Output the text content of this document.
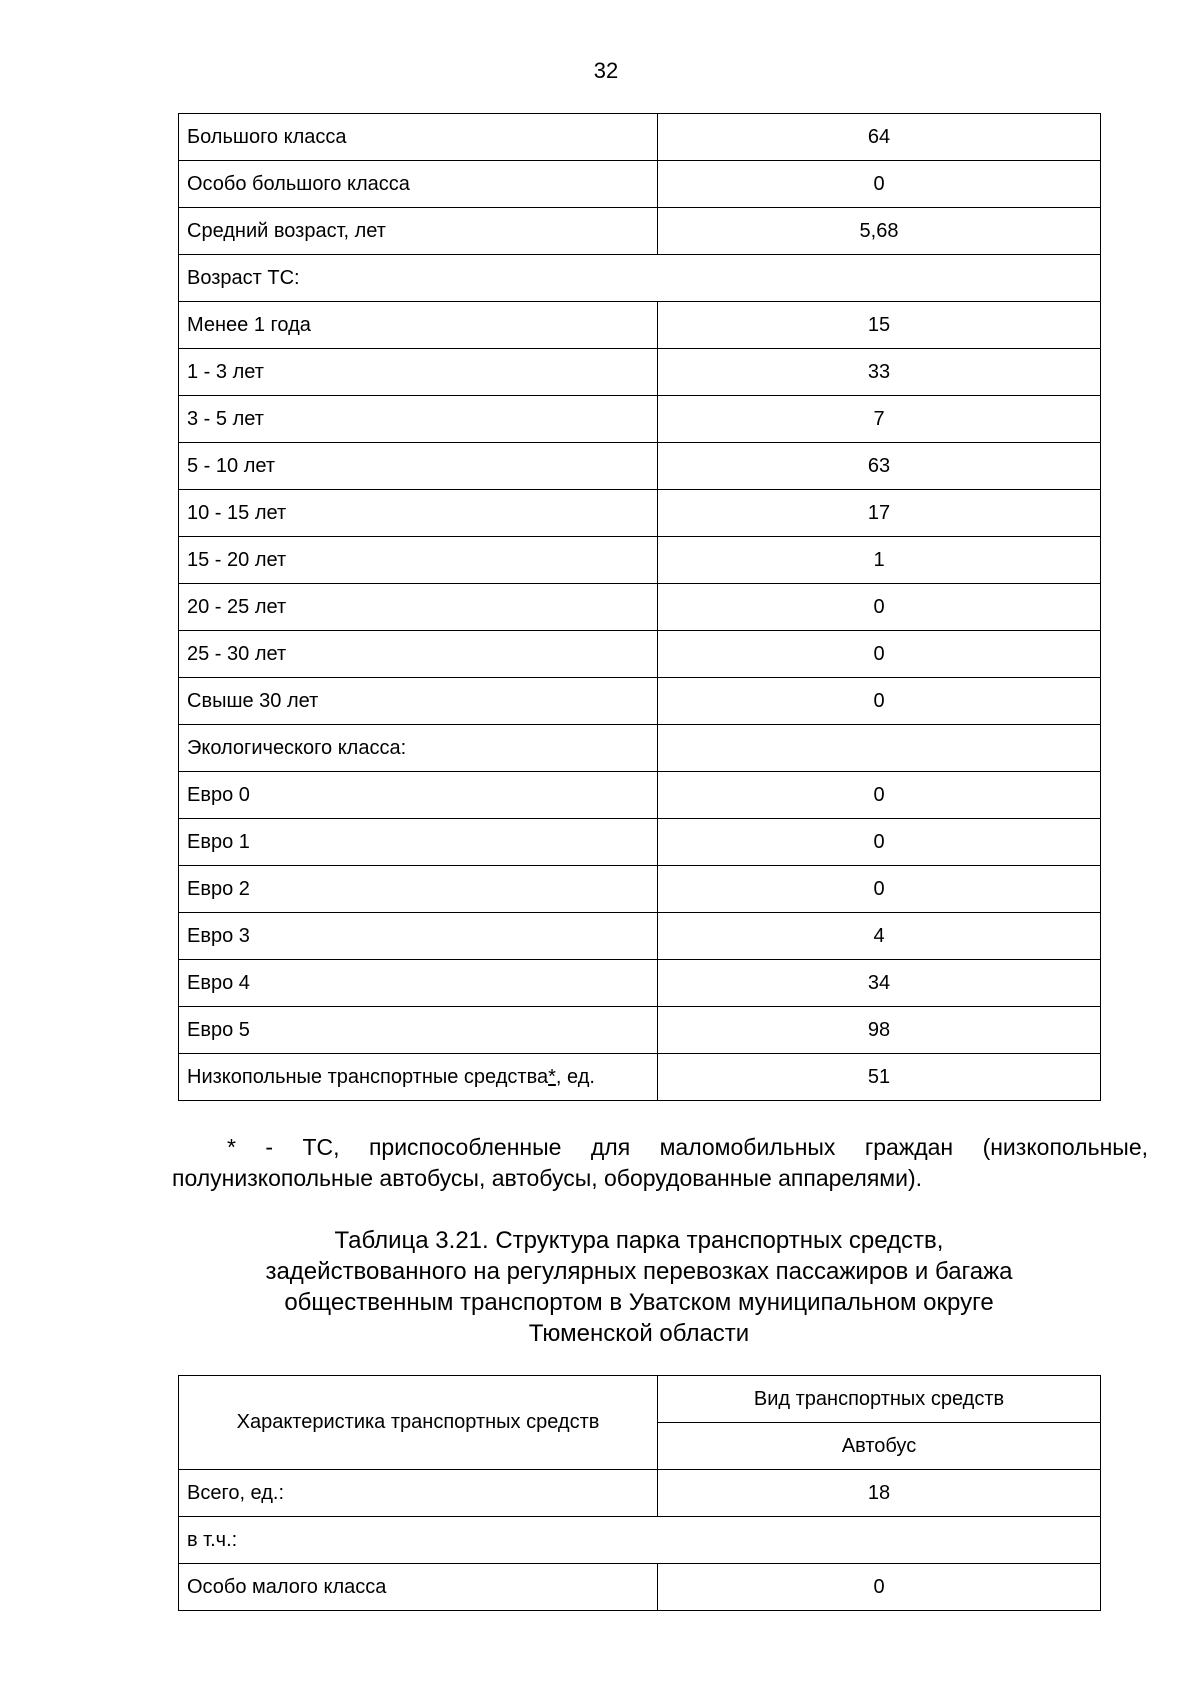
32
Большого класса	64
Особо большого класса	0
Средний возраст, лет	5,68
Возраст ТС:	
Менее 1 года	15
1 - 3 лет	33
3 - 5 лет	7
5 - 10 лет	63
10 - 15 лет	17
15 - 20 лет	1
20 - 25 лет	0
25 - 30 лет	0
Свыше 30 лет	0
Экологического класса:	
Евро 0	0
Евро 1	0
Евро 2	0
Евро 3	4
Евро 4	34
Евро 5	98
Низкопольные транспортные средства*, ед.	51
* - ТС, приспособленные для маломобильных граждан (низкопольные,
полунизкопольные автобусы, автобусы, оборудованные аппарелями).
Таблица 3.21. Структура парка транспортных средств,
задействованного на регулярных перевозках пассажиров и багажа
общественным транспортом в Уватском муниципальном округе
Тюменской области
Характеристика транспортных средств	Вид транспортных средств
	Автобус
Всего, ед.:	18
в т.ч.:	
Особо малого класса	0
